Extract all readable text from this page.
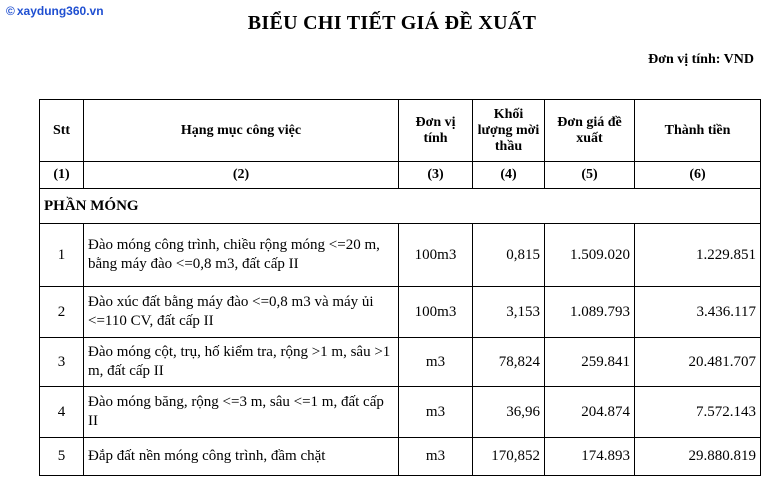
© xaydung360.vn
BIỂU CHI TIẾT GIÁ ĐỀ XUẤT
Đơn vị tính: VND
Stt	Hạng mục công việc	Đơn vị tính	Khối lượng mời thầu	Đơn giá đề xuất	Thành tiền
(1)	(2)	(3)	(4)	(5)	(6)
PHẦN MÓNG					
1	Đào móng công trình, chiều rộng móng <=20 m, bằng máy đào <=0,8 m3, đất cấp II	100m3	0,815	1.509.020	1.229.851
2	Đào xúc đất bằng máy đào <=0,8 m3 và máy ủi <=110 CV, đất cấp II	100m3	3,153	1.089.793	3.436.117
3	Đào móng cột, trụ, hố kiểm tra, rộng >1 m, sâu >1 m, đất cấp II	m3	78,824	259.841	20.481.707
4	Đào móng băng, rộng <=3 m, sâu <=1 m, đất cấp II	m3	36,96	204.874	7.572.143
5	Đắp đất nền móng công trình, đầm chặt	m3	170,852	174.893	29.880.819
